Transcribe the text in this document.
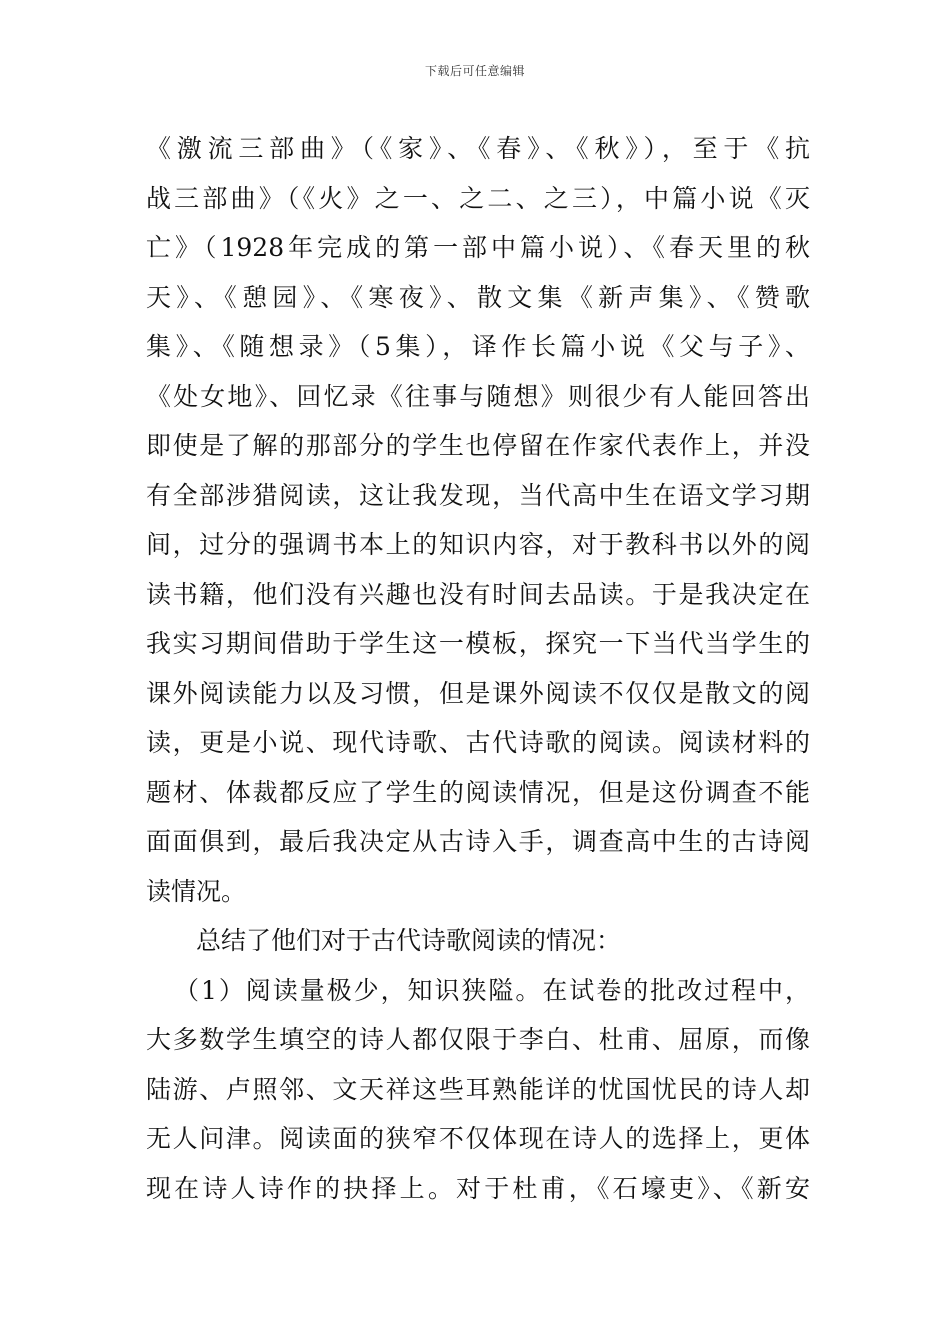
下载后可任意编辑
《激流三部曲》（《家》、《春》、《秋》），至于《抗
战三部曲》（《火》之一、之二、之三），中篇小说《灭
亡》（1928年完成的第一部中篇小说）、《春天里的秋
天》、《憩园》、《寒夜》、散文集《新声集》、《赞歌
集》、《随想录》（5集），译作长篇小说《父与子》、
《处女地》、回忆录《往事与随想》则很少有人能回答出
即使是了解的那部分的学生也停留在作家代表作上，并没
有全部涉猎阅读，这让我发现，当代高中生在语文学习期
间，过分的强调书本上的知识内容，对于教科书以外的阅
读书籍，他们没有兴趣也没有时间去品读。于是我决定在
我实习期间借助于学生这一模板，探究一下当代当学生的
课外阅读能力以及习惯，但是课外阅读不仅仅是散文的阅
读，更是小说、现代诗歌、古代诗歌的阅读。阅读材料的
题材、体裁都反应了学生的阅读情况，但是这份调查不能
面面俱到，最后我决定从古诗入手，调查高中生的古诗阅
读情况。
总结了他们对于古代诗歌阅读的情况：
（1）阅读量极少，知识狭隘。在试卷的批改过程中，
大多数学生填空的诗人都仅限于李白、杜甫、屈原，而像
陆游、卢照邻、文天祥这些耳熟能详的忧国忧民的诗人却
无人问津。阅读面的狭窄不仅体现在诗人的选择上，更体
现在诗人诗作的抉择上。对于杜甫，《石壕吏》、《新安
